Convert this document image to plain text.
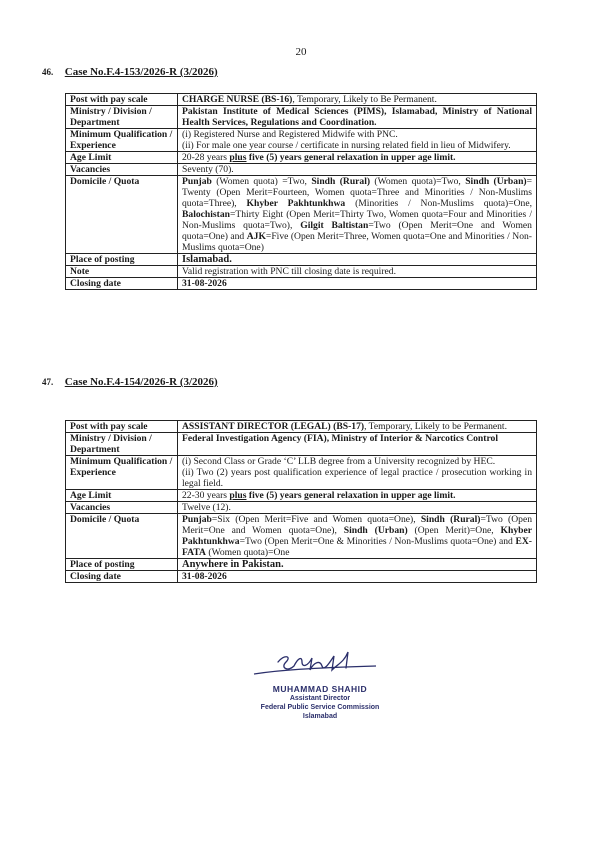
20
46. Case No.F.4-153/2026-R (3/2026)
Post with pay scale	CHARGE NURSE (BS-16), Temporary, Likely to Be Permanent.
Ministry / Division / Department	Pakistan Institute of Medical Sciences (PIMS), Islamabad, Ministry of National Health Services, Regulations and Coordination.
Minimum Qualification / Experience	(i) Registered Nurse and Registered Midwife with PNC.
(ii) For male one year course / certificate in nursing related field in lieu of Midwifery.

Age Limit	20-28 years plus five (5) years general relaxation in upper age limit.
Vacancies	Seventy (70).
Domicile / Quota	Punjab (Women quota) =Two, Sindh (Rural) (Women quota)=Two, Sindh (Urban)= Twenty (Open Merit=Fourteen, Women quota=Three and Minorities / Non-Muslims quota=Three), Khyber Pakhtunkhwa (Minorities / Non-Muslims quota)=One, Balochistan=Thirty Eight (Open Merit=Thirty Two, Women quota=Four and Minorities / Non-Muslims quota=Two), Gilgit Baltistan=Two (Open Merit=One and Women quota=One) and AJK=Five (Open Merit=Three, Women quota=One and Minorities / Non-Muslims quota=One)
Place of posting	Islamabad.
Note	Valid registration with PNC till closing date is required.
Closing date	31-08-2026
47. Case No.F.4-154/2026-R (3/2026)
Post with pay scale	ASSISTANT DIRECTOR (LEGAL) (BS-17), Temporary, Likely to be Permanent.
Ministry / Division / Department	Federal Investigation Agency (FIA), Ministry of Interior & Narcotics Control
Minimum Qualification / Experience	(i) Second Class or Grade ‘C’ LLB degree from a University recognized by HEC.
(ii) Two (2) years post qualification experience of legal practice / prosecution working in legal field.

Age Limit	22-30 years plus five (5) years general relaxation in upper age limit.
Vacancies	Twelve (12).
Domicile / Quota	Punjab=Six (Open Merit=Five and Women quota=One), Sindh (Rural)=Two (Open Merit=One and Women quota=One), Sindh (Urban) (Open Merit)=One, Khyber Pakhtunkhwa=Two (Open Merit=One & Minorities / Non-Muslims quota=One) and EX-FATA (Women quota)=One
Place of posting	Anywhere in Pakistan.
Closing date	31-08-2026
MUHAMMAD SHAHID
Assistant Director
Federal Public Service Commission
Islamabad
